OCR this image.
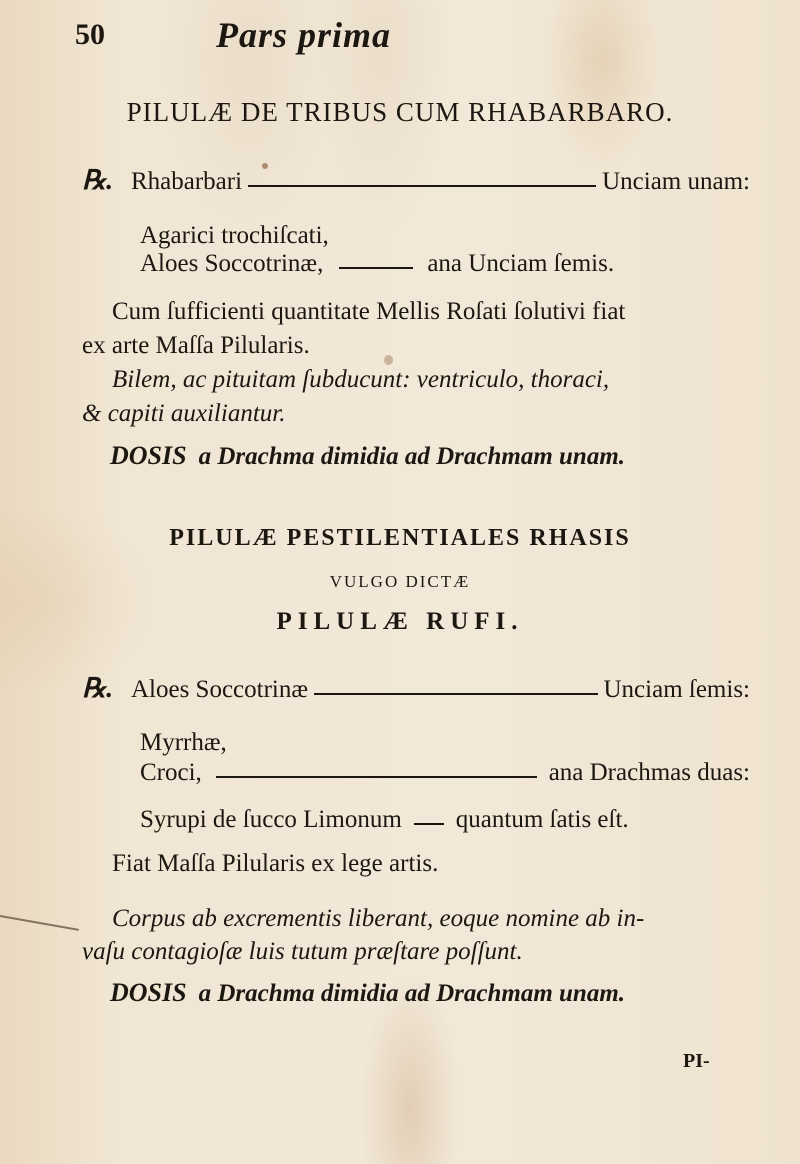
50	Pars prima
PILULÆ DE TRIBUS CUM RHABARBARO.
℞. Rhabarbari	Unciam unam:
Agarici trochiſcati,
Aloes Soccotrinæ,	ana Unciam ſemis.
Cum ſufficienti quantitate Mellis Roſati ſolutivi fiat
ex arte Maſſa Pilularis.
Bilem, ac pituitam ſubducunt: ventriculo, thoraci,
& capiti auxiliantur.
DOSIS a Drachma dimidia ad Drachmam unam.
PILULÆ PESTILENTIALES RHASIS
VULGO DICTÆ
PILULÆ RUFI.
℞. Aloes Soccotrinæ	Unciam ſemis:
Myrrhæ,
Croci,	ana Drachmas duas:
Syrupi de ſucco Limonum quantum ſatis eſt.
Fiat Maſſa Pilularis ex lege artis.
Corpus ab excrementis liberant, eoque nomine ab in-
vaſu contagioſæ luis tutum præſtare poſſunt.
DOSIS a Drachma dimidia ad Drachmam unam.
PI-
